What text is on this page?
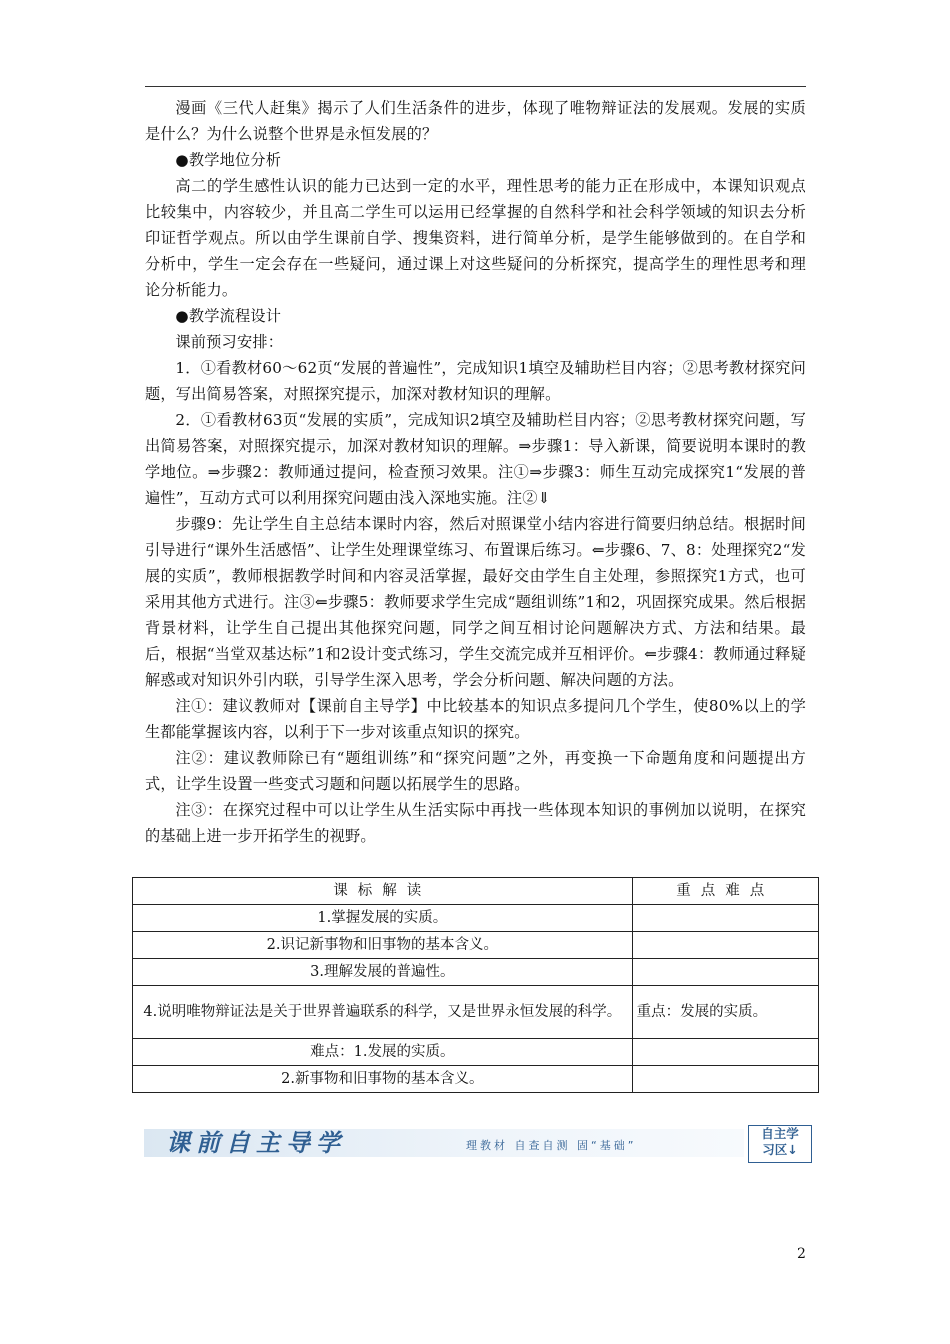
漫画《三代人赶集》揭示了人们生活条件的进步，体现了唯物辩证法的发展观。发展的实质是什么？为什么说整个世界是永恒发展的？

●教学地位分析

高二的学生感性认识的能力已达到一定的水平，理性思考的能力正在形成中，本课知识观点比较集中，内容较少，并且高二学生可以运用已经掌握的自然科学和社会科学领域的知识去分析印证哲学观点。所以由学生课前自学、搜集资料，进行简单分析，是学生能够做到的。在自学和分析中，学生一定会存在一些疑问，通过课上对这些疑问的分析探究，提高学生的理性思考和理论分析能力。

●教学流程设计

课前预习安排：

1．①看教材60～62页“发展的普遍性”，完成知识1填空及辅助栏目内容；②思考教材探究问题，写出简易答案，对照探究提示，加深对教材知识的理解。

2．①看教材63页“发展的实质”，完成知识2填空及辅助栏目内容；②思考教材探究问题，写出简易答案，对照探究提示，加深对教材知识的理解。⇒步骤1：导入新课，简要说明本课时的教学地位。⇒步骤2：教师通过提问，检查预习效果。注①⇒步骤3：师生互动完成探究1“发展的普遍性”，互动方式可以利用探究问题由浅入深地实施。注②⇓

步骤9：先让学生自主总结本课时内容，然后对照课堂小结内容进行简要归纳总结。根据时间引导进行“课外生活感悟”、让学生处理课堂练习、布置课后练习。⇐步骤6、7、8：处理探究2“发展的实质”，教师根据教学时间和内容灵活掌握，最好交由学生自主处理，参照探究1方式，也可采用其他方式进行。注③⇐步骤5：教师要求学生完成“题组训练”1和2，巩固探究成果。然后根据背景材料，让学生自己提出其他探究问题，同学之间互相讨论问题解决方式、方法和结果。最后，根据“当堂双基达标”1和2设计变式练习，学生交流完成并互相评价。⇐步骤4：教师通过释疑解惑或对知识外引内联，引导学生深入思考，学会分析问题、解决问题的方法。

注①：建议教师对【课前自主导学】中比较基本的知识点多提问几个学生，使80%以上的学生都能掌握该内容，以利于下一步对该重点知识的探究。

注②：建议教师除已有“题组训练”和“探究问题”之外，再变换一下命题角度和问题提出方式，让学生设置一些变式习题和问题以拓展学生的思路。

注③：在探究过程中可以让学生从生活实际中再找一些体现本知识的事例加以说明，在探究的基础上进一步开拓学生的视野。

课标解读	重点难点
1.掌握发展的实质。	
2.识记新事物和旧事物的基本含义。	
3.理解发展的普遍性。	
4.说明唯物辩证法是关于世界普遍联系的科学，又是世界永恒发展的科学。	重点：发展的实质。
难点：1.发展的实质。	
2.新事物和旧事物的基本含义。	
课前自主导学	理教材 自查自测 固“基础”
自主学
习区↓
2
